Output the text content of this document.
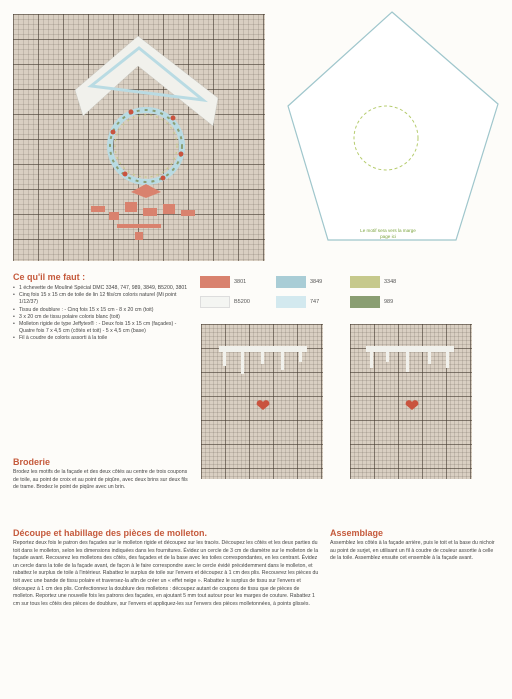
Le motif sera vers la marge
page ici
Ce qu'il me faut :
• 1 échevette de Mouliné Spécial DMC 3348, 747, 989, 3849, B5200, 3801
• Cinq fois 15 x 15 cm de toile de lin 12 fils/cm coloris naturel (Mi point 1/12/37)
• Tissu de doublure : - Cinq fois 15 x 15 cm - 8 x 20 cm (toit)
• 3 x 20 cm de tissu polaire coloris blanc (toit)
• Molleton rigide de type Jeffytex® : - Deux fois 15 x 15 cm (façades) - Quatre fois 7 x 4,5 cm (côtés et toit) - 5 x 4,5 cm (base)
• Fil à coudre de coloris assorti à la toile
3801	3849	3348
B5200	747	989
Broderie
Brodez les motifs de la façade et des deux côtés au centre de trois coupons de toile, au point de croix et au point de piqûre, avec deux brins sur deux fils de trame. Brodez le point de piqûre avec un brin.
Découpe et habillage des pièces de molleton.
Reportez deux fois le patron des façades sur le molleton rigide et découpez sur les tracés. Découpez les côtés et les deux parties du toit dans le molleton, selon les dimensions indiquées dans les fournitures. Évidez un cercle de 3 cm de diamètre sur le molleton de la façade avant. Recouvrez les molletons des côtés, des façades et de la base avec les toiles correspondantes, en les centrant. Évidez un cercle dans la toile de la façade avant, de façon à le faire correspondre avec le cercle évidé précédemment dans le molleton, et rabattez le surplus de toile à l'intérieur. Rabattez le surplus de toile sur l'envers et découpez à 1 cm des plis. Recouvrez les pièces du toit avec une bande de tissu polaire et traversez-la afin de créer un « effet neige ». Rabattez le surplus de tissu sur l'envers et découpez à 1 cm des plis. Confectionnez la doublure des molletons : découpez autant de coupons de tissu que de pièces de molleton. Reportez une nouvelle fois les patrons des façades, en ajoutant 5 mm tout autour pour les marges de couture. Rabattez 1 cm sur tous les côtés des pièces de doublure, sur l'envers et appliquez-les sur l'envers des pièces molletonnées, à points glissés.
Assemblage
Assemblez les côtés à la façade arrière, puis le toit et la base du nichoir au point de surjet, en utilisant un fil à coudre de couleur assortie à celle de la toile. Assemblez ensuite cet ensemble à la façade avant.
